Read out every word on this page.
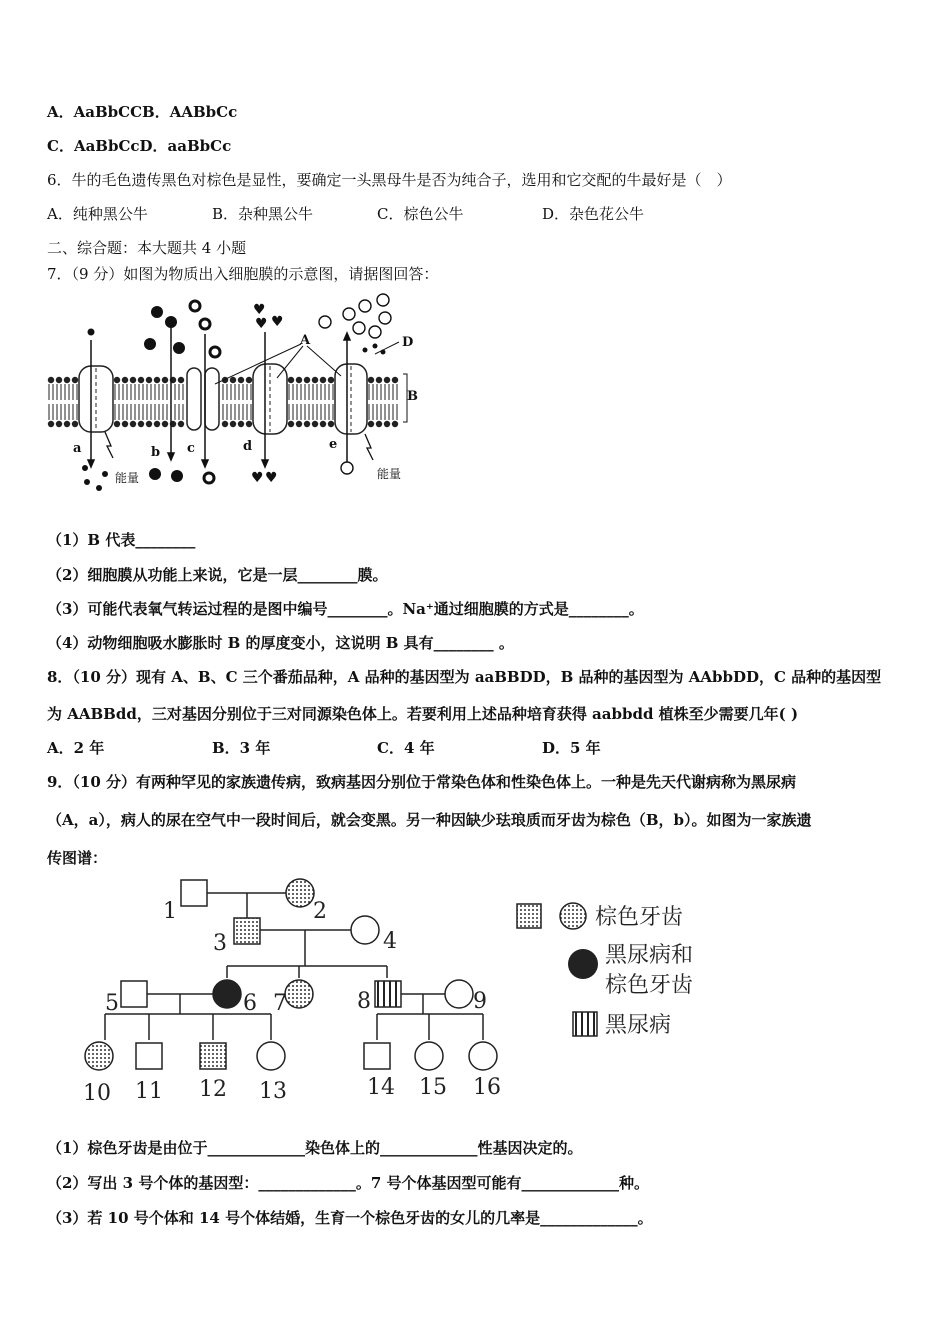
A．AaBbCCB．AABbCc
C．AaBbCcD．aaBbCc
6．牛的毛色遗传黑色对棕色是显性，要确定一头黑母牛是否为纯合子，选用和它交配的牛最好是（　）
A．纯种黑公牛	B．杂种黑公牛	C．棕色公牛	D．杂色花公牛
二、综合题：本大题共 4 小题
7．（9 分）如图为物质出入细胞膜的示意图，请据图回答：
♥
♥
♥
♥ ♥
A
B
D
a	b c	d	e
能量	能量
（1）B 代表________
（2）细胞膜从功能上来说，它是一层________膜。
（3）可能代表氧气转运过程的是图中编号________。Na⁺通过细胞膜的方式是________。
（4）动物细胞吸水膨胀时 B 的厚度变小，这说明 B 具有________ 。
8．（10 分）现有 A、B、C 三个番茄品种，A 品种的基因型为 aaBBDD，B 品种的基因型为 AAbbDD，C 品种的基因型
为 AABBdd，三对基因分别位于三对同源染色体上。若要利用上述品种培育获得 aabbdd 植株至少需要几年( )
A．2 年	B．3 年	C．4 年	D．5 年
9．（10 分）有两种罕见的家族遗传病，致病基因分别位于常染色体和性染色体上。一种是先天代谢病称为黑尿病
（A，a），病人的尿在空气中一段时间后，就会变黑。另一种因缺少珐琅质而牙齿为棕色（B，b）。如图为一家族遗
传图谱：
1	2
3	4
5	6 7	8	9
10 11 12 13	14 15 16
棕色牙齿
黑尿病和
棕色牙齿
黑尿病
（1）棕色牙齿是由位于_____________染色体上的_____________性基因决定的。
（2）写出 3 号个体的基因型：_____________。7 号个体基因型可能有_____________种。
（3）若 10 号个体和 14 号个体结婚，生育一个棕色牙齿的女儿的几率是_____________。
